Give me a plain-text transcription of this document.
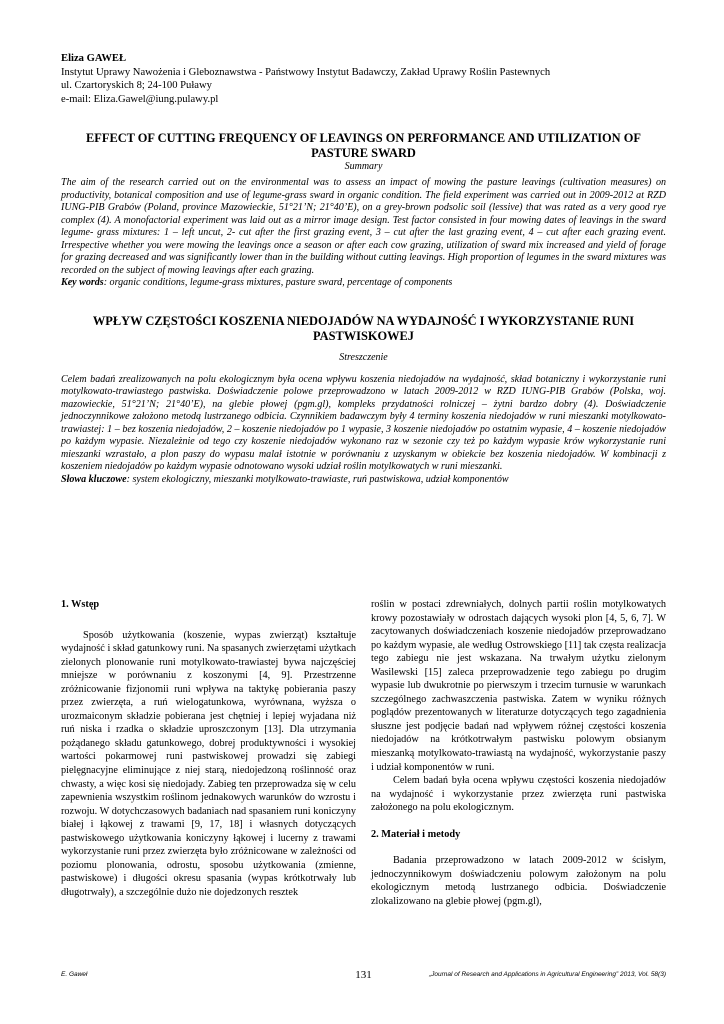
Eliza GAWEŁ
Instytut Uprawy Nawożenia i Gleboznawstwa - Państwowy Instytut Badawczy, Zakład Uprawy Roślin Pastewnych
ul. Czartoryskich 8; 24-100 Puławy
e-mail: Eliza.Gawel@iung.pulawy.pl
EFFECT OF CUTTING FREQUENCY OF LEAVINGS ON PERFORMANCE AND UTILIZATION OF PASTURE SWARD
Summary
The aim of the research carried out on the environmental was to assess an impact of mowing the pasture leavings (cultivation measures) on productivity, botanical composition and use of legume-grass sward in organic condition. The field experiment was carried out in 2009-2012 at RZD IUNG-PIB Grabów (Poland, province Mazowieckie, 51°21’N; 21°40’E), on a grey-brown podsolic soil (lessive) that was rated as a very good rye complex (4). A monofactorial experiment was laid out as a mirror image design. Test factor consisted in four mowing dates of leavings in the sward legume- grass mixtures: 1 – left uncut, 2- cut after the first grazing event, 3 – cut after the last grazing event, 4 – cut after each grazing event. Irrespective whether you were mowing the leavings once a season or after each cow grazing, utilization of sward mix increased and yield of forage for grazing decreased and was significantly lower than in the building without cutting leavings. High proportion of legumes in the sward mixtures was recorded on the subject of mowing leavings after each grazing.
Key words: organic conditions, legume-grass mixtures, pasture sward, percentage of components
WPŁYW CZĘSTOŚCI KOSZENIA NIEDOJADÓW NA WYDAJNOŚĆ I WYKORZYSTANIE RUNI PASTWISKOWEJ
Streszczenie
Celem badań zrealizowanych na polu ekologicznym była ocena wpływu koszenia niedojadów na wydajność, skład botaniczny i wykorzystanie runi motylkowato-trawiastego pastwiska. Doświadczenie polowe przeprowadzono w latach 2009-2012 w RZD IUNG-PIB Grabów (Polska, woj. mazowieckie, 51°21’N; 21°40’E), na glebie płowej (pgm.gl), kompleks przydatności rolniczej – żytni bardzo dobry (4). Doświadczenie jednoczynnikowe założono metodą lustrzanego odbicia. Czynnikiem badawczym były 4 terminy koszenia niedojadów w runi mieszanki motylkowato-trawiastej: 1 – bez koszenia niedojadów, 2 – koszenie niedojadów po 1 wypasie, 3 koszenie niedojadów po ostatnim wypasie, 4 – koszenie niedojadów po każdym wypasie. Niezależnie od tego czy koszenie niedojadów wykonano raz w sezonie czy też po każdym wypasie krów wykorzystanie runi mieszanki wzrastało, a plon paszy do wypasu malał istotnie w porównaniu z uzyskanym w obiekcie bez koszenia niedojadów. W kombinacji z koszeniem niedojadów po każdym wypasie odnotowano wysoki udział roślin motylkowatych w runi mieszanki.
Słowa kluczowe: system ekologiczny, mieszanki motylkowato-trawiaste, ruń pastwiskowa, udział komponentów
1. Wstęp

Sposób użytkowania (koszenie, wypas zwierząt) kształtuje wydajność i skład gatunkowy runi. Na spasanych zwierzętami użytkach zielonych plonowanie runi motylkowato-trawiastej bywa najczęściej mniejsze w porównaniu z koszonymi [4, 9]. Przestrzenne zróżnicowanie fizjonomii runi wpływa na taktykę pobierania paszy przez zwierzęta, a ruń wielogatunkowa, wyrównana, wyższa o urozmaiconym składzie pobierana jest chętniej i lepiej wyjadana niż ruń niska i rzadka o składzie uproszczonym [13]. Dla utrzymania pożądanego składu gatunkowego, dobrej produktywności i wysokiej wartości pokarmowej runi pastwiskowej prowadzi się zabiegi pielęgnacyjne eliminujące z niej starą, niedojedzoną roślinność oraz chwasty, a więc kosi się niedojady. Zabieg ten przeprowadza się w celu zapewnienia wszystkim roślinom jednakowych warunków do wzrostu i rozwoju. W dotychczasowych badaniach nad spasaniem runi koniczyny białej i łąkowej z trawami [9, 17, 18] i własnych dotyczących pastwiskowego użytkowania koniczyny łąkowej i lucerny z trawami wykorzystanie runi przez zwierzęta było zróżnicowane w zależności od poziomu plonowania, odrostu, sposobu użytkowania (zmienne, pastwiskowe) i długości okresu spasania (wypas krótkotrwały lub długotrwały), a szczególnie dużo nie dojedzonych resztek

roślin w postaci zdrewniałych, dolnych partii roślin motylkowatych krowy pozostawiały w odrostach dających wysoki plon [4, 5, 6, 7]. W zacytowanych doświadczeniach koszenie niedojadów przeprowadzano po każdym wypasie, ale według Ostrowskiego [11] tak częsta realizacja tego zabiegu nie jest wskazana. Na trwałym użytku zielonym Wasilewski [15] zaleca przeprowadzenie tego zabiegu po drugim wypasie lub dwukrotnie po pierwszym i trzecim turnusie w warunkach szczególnego zachwaszczenia pastwiska. Zatem w wyniku różnych poglądów prezentowanych w literaturze dotyczących tego zagadnienia słuszne jest podjęcie badań nad wpływem różnej częstości koszenia niedojadów na krótkotrwałym pastwisku polowym obsianym mieszanką motylkowato-trawiastą na wydajność, wykorzystanie paszy i udział komponentów w runi.

Celem badań była ocena wpływu częstości koszenia niedojadów na wydajność i wykorzystanie przez zwierzęta runi pastwiska założonego na polu ekologicznym.

2. Materiał i metody

Badania przeprowadzono w latach 2009-2012 w ścisłym, jednoczynnikowym doświadczeniu polowym założonym na polu ekologicznym metodą lustrzanego odbicia. Doświadczenie zlokalizowano na glebie płowej (pgm.gl),

E. Gaweł	131	„Journal of Research and Applications in Agricultural Engineering” 2013, Vol. 58(3)
